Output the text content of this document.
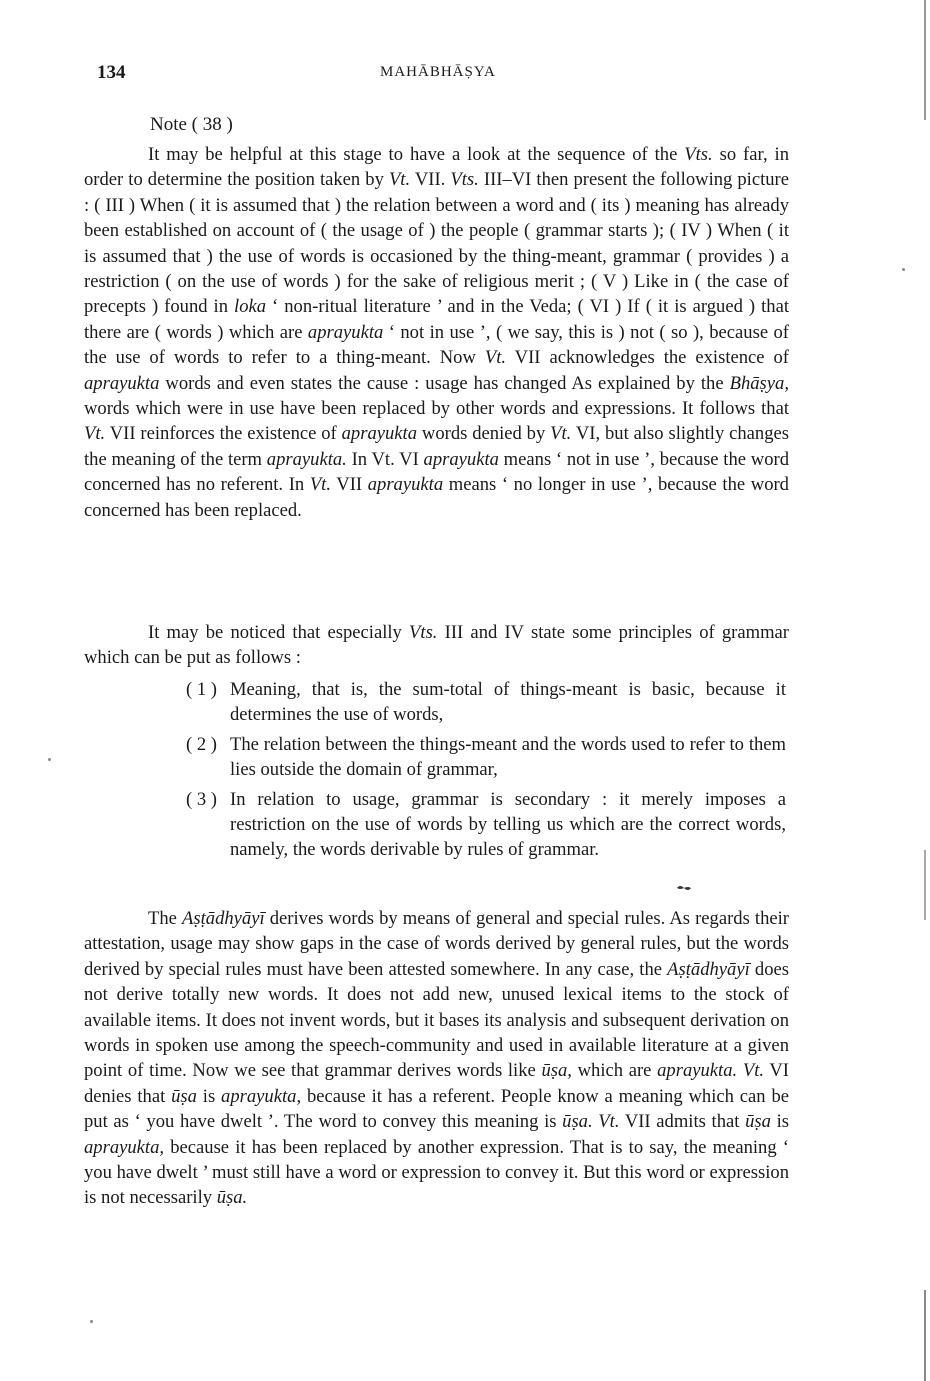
134	MAHĀBHĀṢYA
Note ( 38 )

It may be helpful at this stage to have a look at the sequence of the Vts. so far, in order to determine the position taken by Vt. VII. Vts. III–VI then present the following picture : ( III ) When ( it is assumed that ) the relation between a word and ( its ) meaning has already been established on account of ( the usage of ) the people ( grammar starts ); ( IV ) When ( it is assumed that ) the use of words is occasioned by the thing-meant, grammar ( provides ) a restriction ( on the use of words ) for the sake of religious merit ; ( V ) Like in ( the case of precepts ) found in loka ‘ non-ritual literature ’ and in the Veda; ( VI ) If ( it is argued ) that there are ( words ) which are aprayukta ‘ not in use ’, ( we say, this is ) not ( so ), because of the use of words to refer to a thing-meant. Now Vt. VII acknowledges the existence of aprayukta words and even states the cause : usage has changed As explained by the Bhāṣya, words which were in use have been replaced by other words and expressions. It follows that Vt. VII reinforces the existence of aprayukta words denied by Vt. VI, but also slightly changes the meaning of the term aprayukta. In Vt. VI aprayukta means ‘ not in use ’, because the word concerned has no referent. In Vt. VII aprayukta means ‘ no longer in use ’, because the word concerned has been replaced.

It may be noticed that especially Vts. III and IV state some principles of grammar which can be put as follows :

( 1 ) Meaning, that is, the sum-total of things-meant is basic, because it determines the use of words,
( 2 ) The relation between the things-meant and the words used to refer to them lies outside the domain of grammar,
( 3 ) In relation to usage, grammar is secondary : it merely imposes a restriction on the use of words by telling us which are the correct words, namely, the words derivable by rules of grammar.

The Aṣṭādhyāyī derives words by means of general and special rules. As regards their attestation, usage may show gaps in the case of words derived by general rules, but the words derived by special rules must have been attested somewhere. In any case, the Aṣṭādhyāyī does not derive totally new words. It does not add new, unused lexical items to the stock of available items. It does not invent words, but it bases its analysis and subsequent derivation on words in spoken use among the speech-community and used in available literature at a given point of time. Now we see that grammar derives words like ūṣa, which are aprayukta. Vt. VI denies that ūṣa is aprayukta, because it has a referent. People know a meaning which can be put as ‘ you have dwelt ’. The word to convey this meaning is ūṣa. Vt. VII admits that ūṣa is aprayukta, because it has been replaced by another expression. That is to say, the meaning ‘ you have dwelt ’ must still have a word or expression to convey it. But this word or expression is not necessarily ūṣa.
